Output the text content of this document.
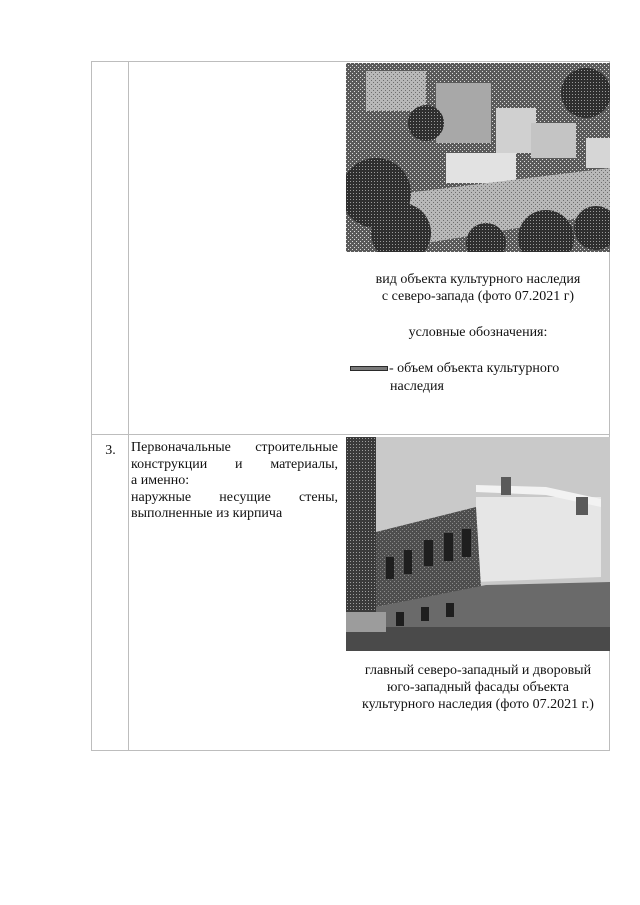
вид объекта культурного наследия
с северо-запада (фото 07.2021 г)
условные обозначения:
- объем объекта культурного
наследия
3.	Первоначальные строительные
конструкции и материалы,
а именно:
наружные несущие стены,
выполненные из кирпича
главный северо-западный и дворовый
юго-западный фасады объекта
культурного наследия (фото 07.2021 г.)
